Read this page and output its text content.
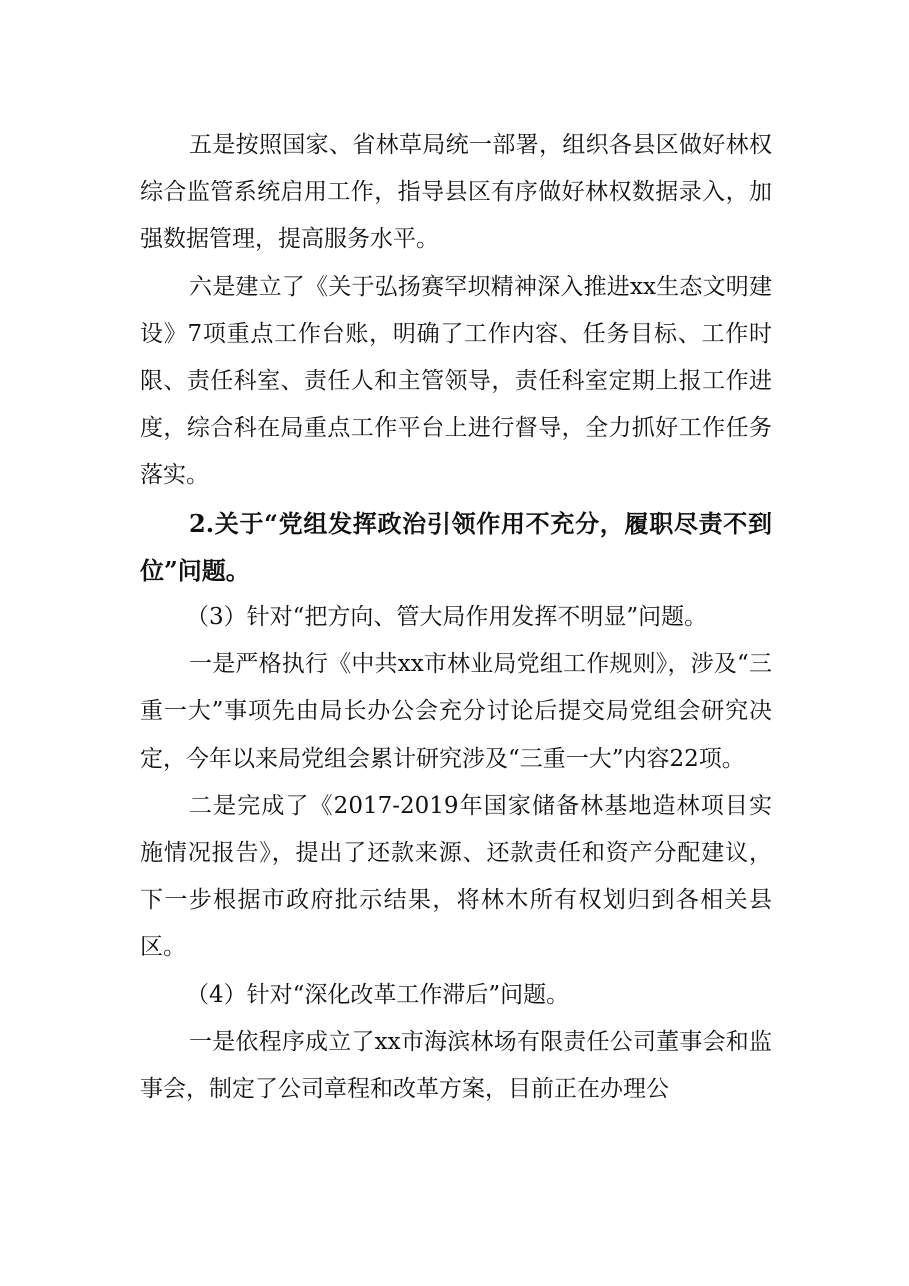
五是按照国家、省林草局统一部署，组织各县区做好林权综合监管系统启用工作，指导县区有序做好林权数据录入，加强数据管理，提高服务水平。

六是建立了《关于弘扬赛罕坝精神深入推进xx生态文明建设》7项重点工作台账，明确了工作内容、任务目标、工作时限、责任科室、责任人和主管领导，责任科室定期上报工作进度，综合科在局重点工作平台上进行督导，全力抓好工作任务落实。

2.关于“党组发挥政治引领作用不充分，履职尽责不到位”问题。

（3）针对“把方向、管大局作用发挥不明显”问题。

一是严格执行《中共xx市林业局党组工作规则》，涉及“三重一大”事项先由局长办公会充分讨论后提交局党组会研究决定，今年以来局党组会累计研究涉及“三重一大”内容22项。

二是完成了《2017-2019年国家储备林基地造林项目实施情况报告》，提出了还款来源、还款责任和资产分配建议，下一步根据市政府批示结果，将林木所有权划归到各相关县区。

（4）针对“深化改革工作滞后”问题。

一是依程序成立了xx市海滨林场有限责任公司董事会和监事会，制定了公司章程和改革方案，目前正在办理公
